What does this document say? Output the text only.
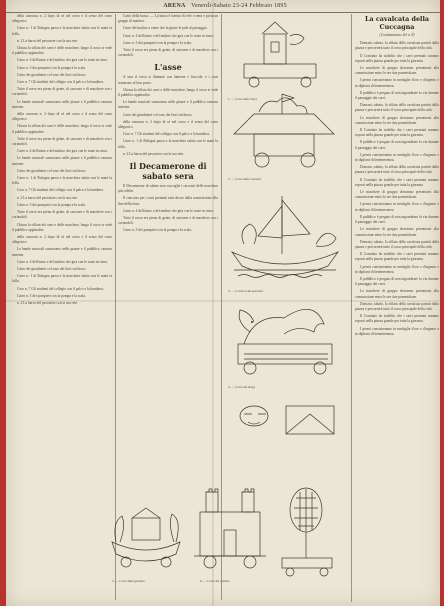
ARENA Venerdì-Sabato 23-24 Febbraio 1895

della carrozza n. 2 dopo di sè nel corso e il senso del carro allegorico.

Carro n. 1 di Bologna passa e la maschera saluta con le mani la folla.

n. 2 La barca del pescatore con la sua rete.

Chiusa la sfilata dei carri e delle maschere, lungo il corso si vede il pubblico applaudire.

Carro n. 4 dell'asino e del mulino che gira con le ruote in cima.

Carro n. 5 dei pompieri con la pompa e la scala.

Carro dei giardinieri col vaso dei fiori sul dorso.

Coro n. 7 Gli studenti del collegio con il palco e la bandiera.

Tutto il corso era pieno di gente, di carrozze e di maschere con i coriandoli.

Le bande musicali suonavano nelle piazze e il pubblico cantava insieme.

della carrozza n. 2 dopo di sè nel corso e il senso del carro allegorico.

Chiusa la sfilata dei carri e delle maschere, lungo il corso si vede il pubblico applaudire.

Tutto il corso era pieno di gente, di carrozze e di maschere con i coriandoli.

Carro n. 4 dell'asino e del mulino che gira con le ruote in cima.

Le bande musicali suonavano nelle piazze e il pubblico cantava insieme.

Carro dei giardinieri col vaso dei fiori sul dorso.

Carro n. 1 di Bologna passa e la maschera saluta con le mani la folla.

Coro n. 7 Gli studenti del collegio con il palco e la bandiera.

n. 2 La barca del pescatore con la sua rete.

Carro n. 5 dei pompieri con la pompa e la scala.

Tutto il corso era pieno di gente, di carrozze e di maschere con i coriandoli.

Chiusa la sfilata dei carri e delle maschere, lungo il corso si vede il pubblico applaudire.

della carrozza n. 2 dopo di sè nel corso e il senso del carro allegorico.

Le bande musicali suonavano nelle piazze e il pubblico cantava insieme.

Carro n. 4 dell'asino e del mulino che gira con le ruote in cima.

Carro dei giardinieri col vaso dei fiori sul dorso.

Carro n. 1 di Bologna passa e la maschera saluta con le mani la folla.

Coro n. 7 Gli studenti del collegio con il palco e la bandiera.

Carro n. 5 dei pompieri con la pompa e la scala.

n. 2 La barca del pescatore con la sua rete.

Carro della barca. — La barca è fornita di vele e remi e porta un gruppo di marinai.

Carro del mulino a vento che fa girare le pale al passaggio.

Carro n. 4 dell'asino e del mulino che gira con le ruote in cima.

Carro n. 5 dei pompieri con la pompa e la scala.

Tutto il corso era pieno di gente, di carrozze e di maschere con i coriandoli.

L'asse

A sera il corso si illuminò con lanterne e fiaccole, e i carri tornarono al loro posto.

Chiusa la sfilata dei carri e delle maschere, lungo il corso si vede il pubblico applaudire.

Le bande musicali suonavano nelle piazze e il pubblico cantava insieme.

Carro dei giardinieri col vaso dei fiori sul dorso.

della carrozza n. 2 dopo di sè nel corso e il senso del carro allegorico.

Coro n. 7 Gli studenti del collegio con il palco e la bandiera.

Carro n. 1 di Bologna passa e la maschera saluta con le mani la folla.

n. 2 La barca del pescatore con la sua rete.

Il Decamerone di sabato sera

Il Decamerone di sabato sera raccoglie i racconti delle maschere più celebri.

Il concorso per i carri premiati sarà deciso dalla commissione alla fine della festa.

Carro n. 4 dell'asino e del mulino che gira con le ruote in cima.

Tutto il corso era pieno di gente, di carrozze e di maschere con i coriandoli.

Carro n. 5 dei pompieri con la pompa e la scala.

1. — Carro della Torre
2. — Carro della carrozza
3. — La barca dei pescatori
4. — Carro del drago
5. — Carro della gondola	6. — Carro del castello
La cavalcata della Cuccagna
(Continuazione del n. 8)

Domani, sabato, la sfilata della cavalcata partirà dalla piazza e percorrerà tutto il corso principale della città.

Il Comitato ha stabilito che i carri premiati saranno esposti nella piazza grande per tutta la giornata.

Le maschere di gruppo dovranno presentarsi alla commissione entro le ore due pomeridiane.

I premi consisteranno in medaglie d'oro e d'argento e in diplomi di benemerenza.

Il pubblico è pregato di non ingombrare la via durante il passaggio dei carri.

Domani, sabato, la sfilata della cavalcata partirà dalla piazza e percorrerà tutto il corso principale della città.

Le maschere di gruppo dovranno presentarsi alla commissione entro le ore due pomeridiane.

Il Comitato ha stabilito che i carri premiati saranno esposti nella piazza grande per tutta la giornata.

Il pubblico è pregato di non ingombrare la via durante il passaggio dei carri.

I premi consisteranno in medaglie d'oro e d'argento e in diplomi di benemerenza.

Domani, sabato, la sfilata della cavalcata partirà dalla piazza e percorrerà tutto il corso principale della città.

Il Comitato ha stabilito che i carri premiati saranno esposti nella piazza grande per tutta la giornata.

Le maschere di gruppo dovranno presentarsi alla commissione entro le ore due pomeridiane.

I premi consisteranno in medaglie d'oro e d'argento e in diplomi di benemerenza.

Il pubblico è pregato di non ingombrare la via durante il passaggio dei carri.

Le maschere di gruppo dovranno presentarsi alla commissione entro le ore due pomeridiane.

Domani, sabato, la sfilata della cavalcata partirà dalla piazza e percorrerà tutto il corso principale della città.

Il Comitato ha stabilito che i carri premiati saranno esposti nella piazza grande per tutta la giornata.

I premi consisteranno in medaglie d'oro e d'argento e in diplomi di benemerenza.

Il pubblico è pregato di non ingombrare la via durante il passaggio dei carri.

Le maschere di gruppo dovranno presentarsi alla commissione entro le ore due pomeridiane.

Domani, sabato, la sfilata della cavalcata partirà dalla piazza e percorrerà tutto il corso principale della città.

Il Comitato ha stabilito che i carri premiati saranno esposti nella piazza grande per tutta la giornata.

I premi consisteranno in medaglie d'oro e d'argento e in diplomi di benemerenza.
